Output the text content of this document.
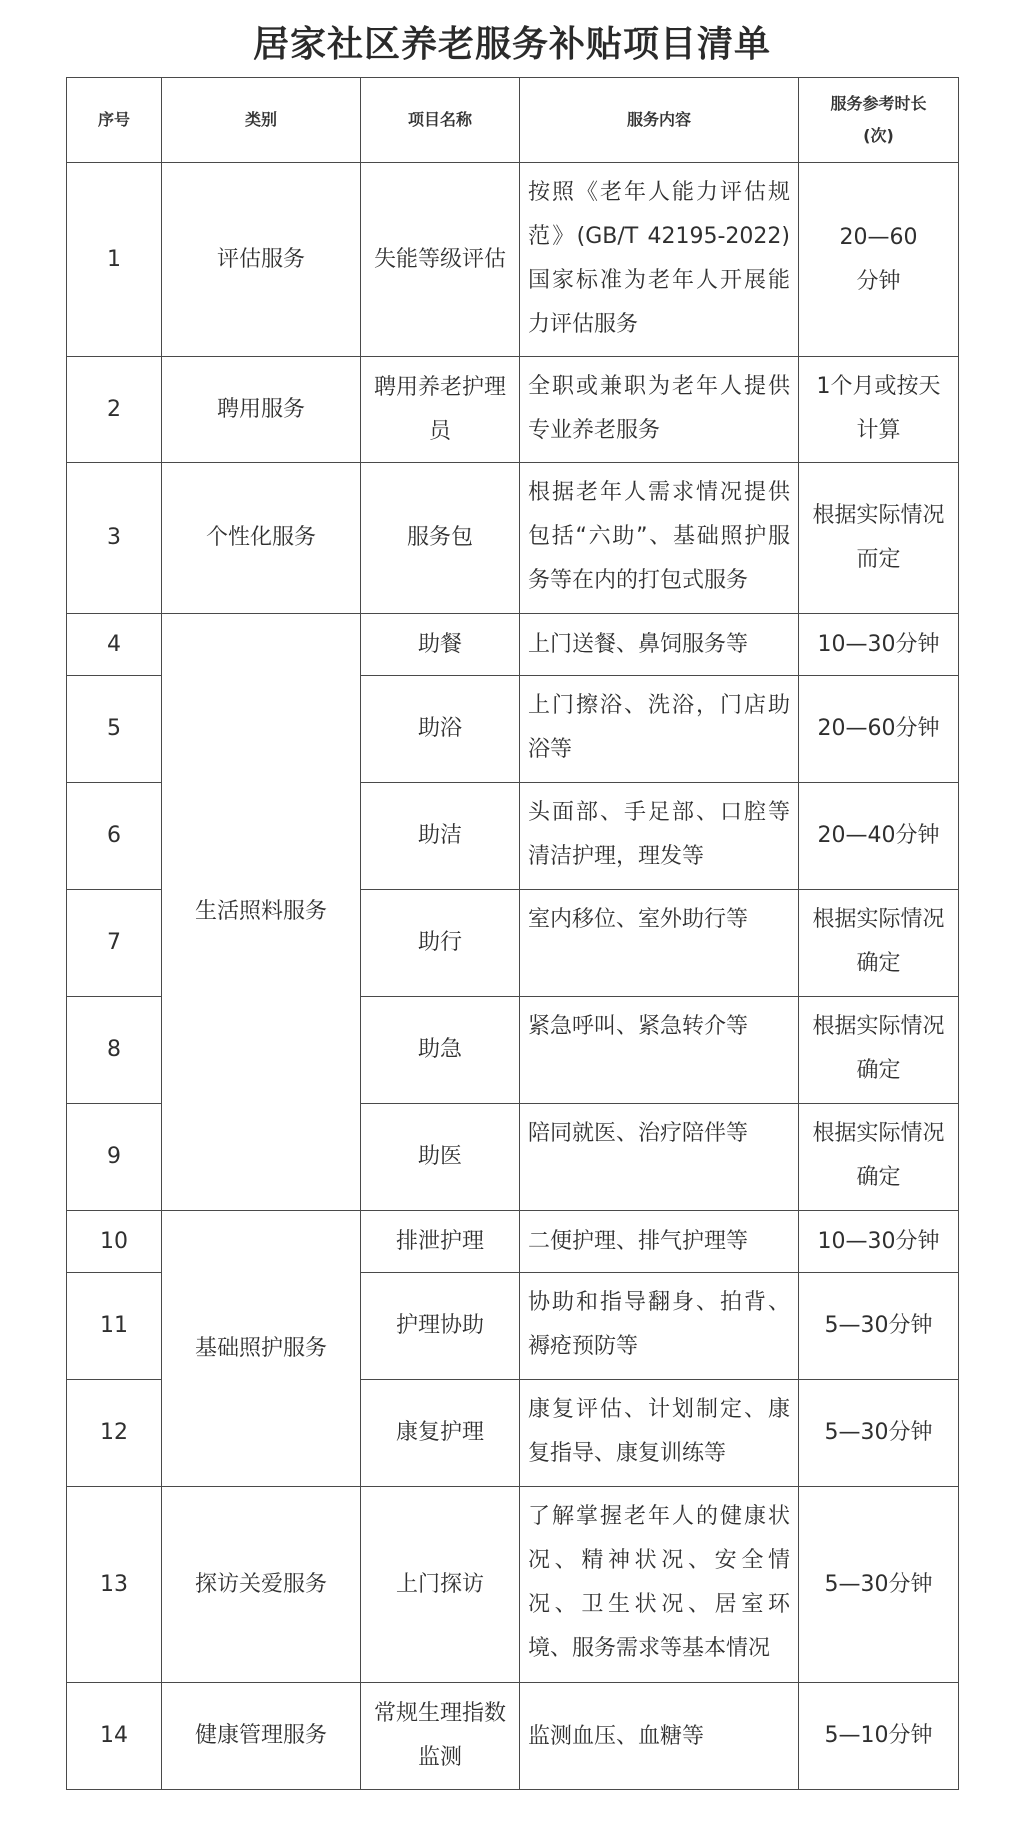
居家社区养老服务补贴项目清单
序号	类别	项目名称	服务内容	服务参考时长
(次)

1	评估服务	失能等级评估	按照《老年人能力评估规范》(GB/T 42195-2022)国家标准为老年人开展能力评估服务	20—60
分钟

2	聘用服务	聘用养老护理员	全职或兼职为老年人提供专业养老服务	1个月或按天
计算

3	个性化服务	服务包	根据老年人需求情况提供包括“六助”、基础照护服务等在内的打包式服务	根据实际情况
而定

4	生活照料服务	助餐	上门送餐、鼻饲服务等	10—30分钟

5		助浴	上门擦浴、洗浴，门店助浴等	20—60分钟

6		助洁	头面部、手足部、口腔等清洁护理，理发等	20—40分钟

7		助行	室内移位、室外助行等	根据实际情况
确定

8		助急	紧急呼叫、紧急转介等	根据实际情况
确定

9		助医	陪同就医、治疗陪伴等	根据实际情况
确定

10	基础照护服务	排泄护理	二便护理、排气护理等	10—30分钟

11		护理协助	协助和指导翻身、拍背、褥疮预防等	5—30分钟

12		康复护理	康复评估、计划制定、康复指导、康复训练等	5—30分钟

13	探访关爱服务	上门探访	了解掌握老年人的健康状况、精神状况、安全情况、卫生状况、居室环境、服务需求等基本情况	5—30分钟

14	健康管理服务	常规生理指数监测	监测血压、血糖等	5—10分钟
